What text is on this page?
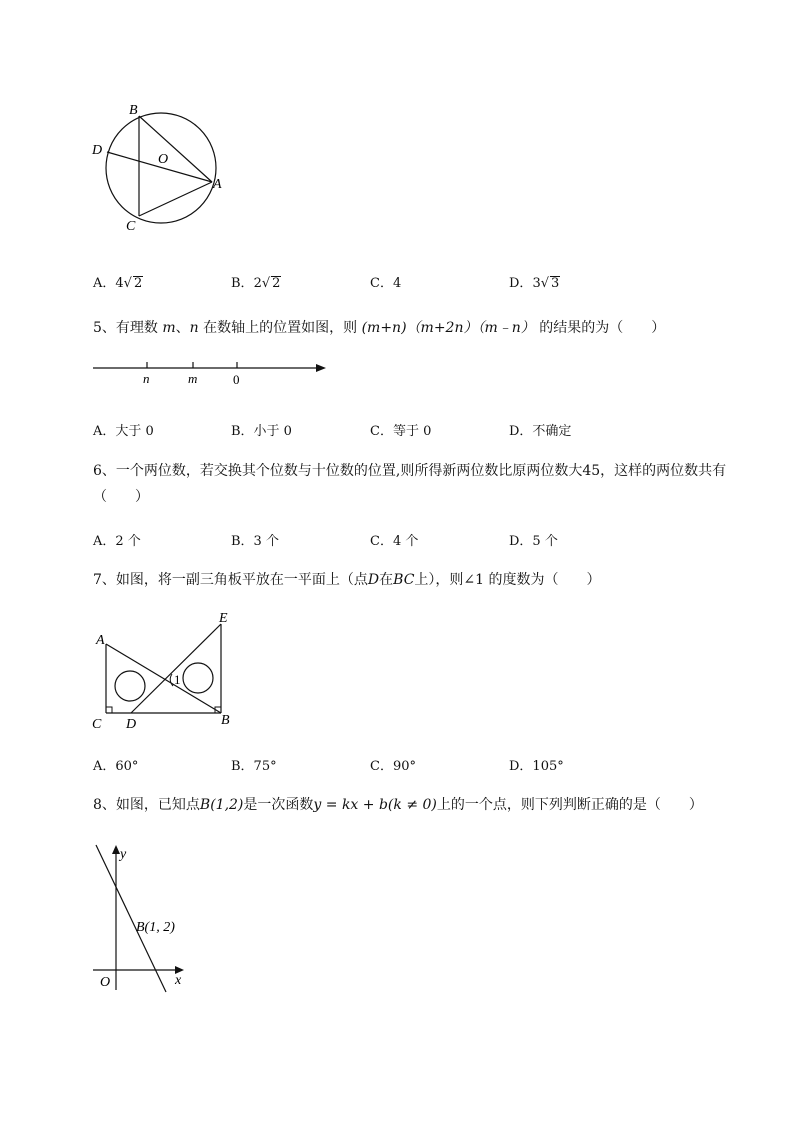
B
D
O
A
C
A．4√ 2	B．2√ 2	C．4	D．3√ 3
5、有理数 m、n 在数轴上的位置如图，则 (m+n)（m+2n）（m﹣n） 的结果的为（　　）
n	m	0
A．大于 0	B．小于 0	C．等于 0	D．不确定
6、一个两位数，若交换其个位数与十位数的位置,则所得新两位数比原两位数大45，这样的两位数共有（　　）
A．2 个	B．3 个	C．4 个	D．5 个
7、如图，将一副三角板平放在一平面上（点D在BC上），则∠1 的度数为（　　）
1
A
E
C D	B
A．60°	B．75°	C．90°	D．105°
8、如图，已知点B(1,2)是一次函数y = kx + b(k ≠ 0)上的一个点，则下列判断正确的是（　　）
y
x
O
B(1, 2)
